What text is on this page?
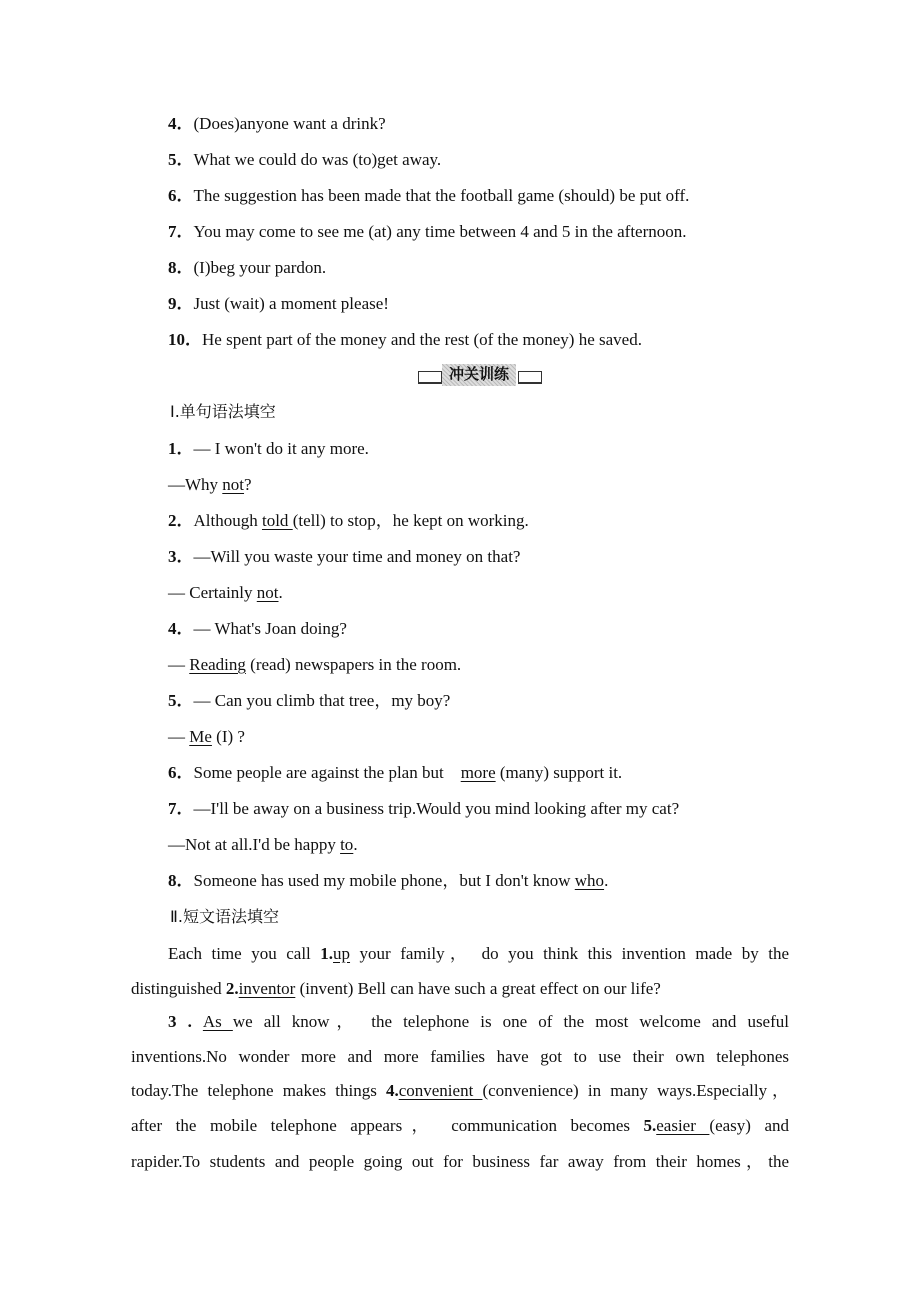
冲关训练
4．(Does)anyone want a drink?
5．What we could do was (to)get away.
6．The suggestion has been made that the football game (should) be put off.
7．You may come to see me (at) any time between 4 and 5 in the afternoon.
8．(I)beg your pardon.
9．Just (wait) a moment please!
10．He spent part of the money and the rest (of the money) he saved.
Ⅰ.单句语法填空
1．— I won't do it any more.
—Why not?
2．Although told (tell) to stop，he kept on working.
3．—Will you waste your time and money on that?
— Certainly not.
4．— What's Joan doing?
— Reading (read) newspapers in the room.
5．— Can you climb that tree，my boy?
— Me (I) ?
6．Some people are against the plan but    more (many) support it.
7．—I'll be away on a business trip.Would you mind looking after my cat?
—Not at all.I'd be happy to.
8．Someone has used my mobile phone，but I don't know who.
Ⅱ.短文语法填空
Each time you call 1.up your family， do you think this invention made by the
distinguished 2.inventor (invent) Bell can have such a great effect on our life?
3 . As we all know， the telephone is one of the most welcome and useful
inventions.No wonder more and more families have got to use their own telephones
today.The telephone makes things 4.convenient (convenience) in many ways.Especially，
after the mobile telephone appears， communication becomes 5.easier (easy) and
rapider.To students and people going out for business far away from their homes，the
